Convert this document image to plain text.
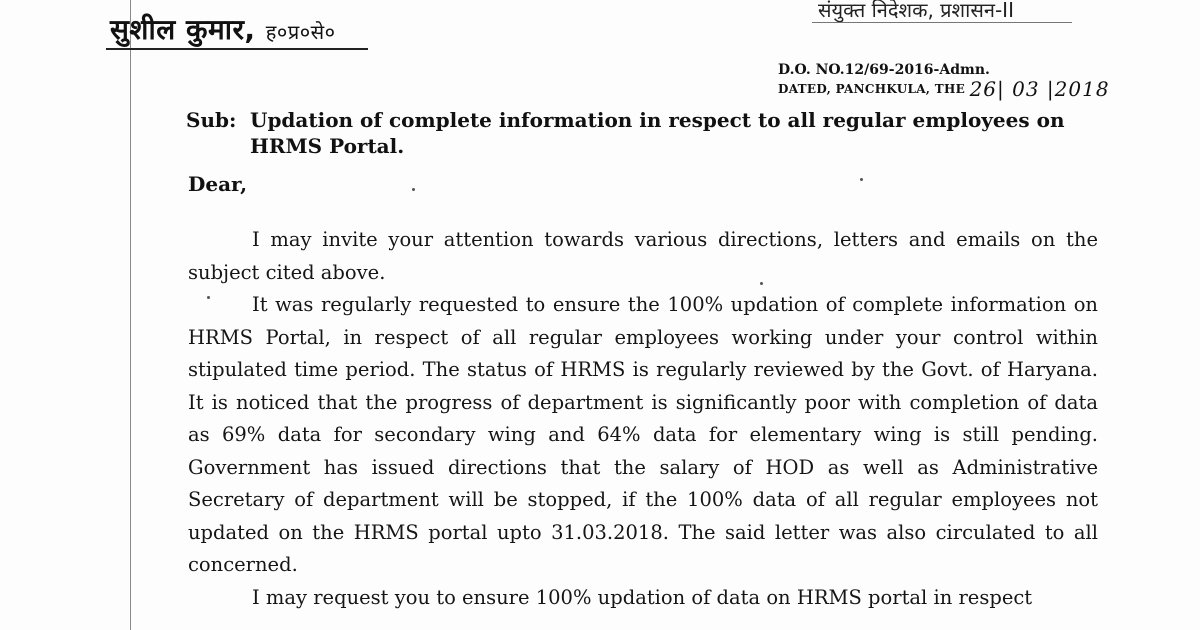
सुशील कुमार, ह०प्र०से०
संयुक्त निदेशक, प्रशासन-II
D.O. NO.12/69-2016-Admn.
DATED, PANCHKULA, THE 26| 03 |2018
Sub: Updation of complete information in respect to all regular employees on
HRMS Portal.
Dear,

I may invite your attention towards various directions, letters and emails on the subject cited above.

It was regularly requested to ensure the 100% updation of complete information on HRMS Portal, in respect of all regular employees working under your control within stipulated time period. The status of HRMS is regularly reviewed by the Govt. of Haryana. It is noticed that the progress of department is significantly poor with completion of data as 69% data for secondary wing and 64% data for elementary wing is still pending. Government has issued directions that the salary of HOD as well as Administrative Secretary of department will be stopped, if the 100% data of all regular employees not updated on the HRMS portal upto 31.03.2018. The said letter was also circulated to all concerned.

I may request you to ensure 100% updation of data on HRMS portal in respect
